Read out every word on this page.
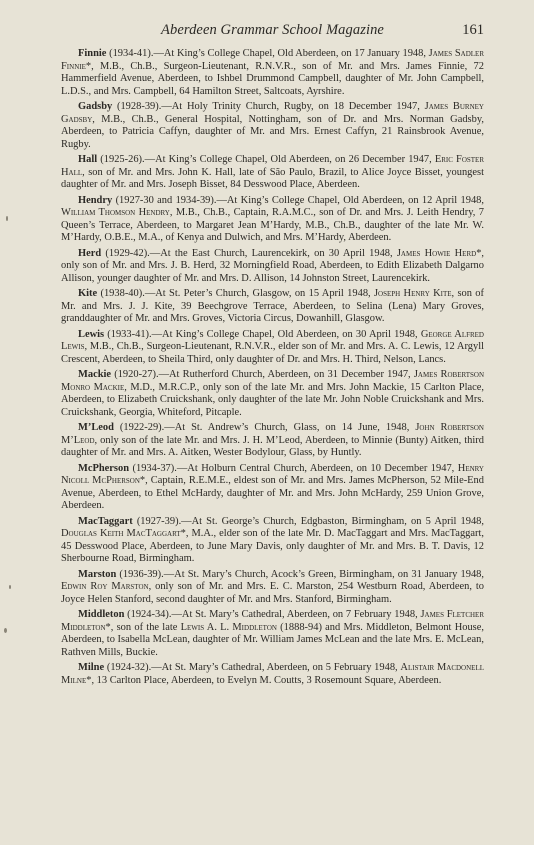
Aberdeen Grammar School Magazine	161

Finnie (1934-41).—At King’s College Chapel, Old Aberdeen, on 17 January 1948, James Sadler Finnie*, M.B., Ch.B., Surgeon-Lieutenant, R.N.V.R., son of Mr. and Mrs. James Finnie, 72 Hammerfield Avenue, Aberdeen, to Ishbel Drummond Campbell, daughter of Mr. John Campbell, L.D.S., and Mrs. Campbell, 64 Hamilton Street, Saltcoats, Ayrshire.

Gadsby (1928-39).—At Holy Trinity Church, Rugby, on 18 December 1947, James Burney Gadsby, M.B., Ch.B., General Hospital, Nottingham, son of Dr. and Mrs. Norman Gadsby, Aberdeen, to Patricia Caffyn, daughter of Mr. and Mrs. Ernest Caffyn, 21 Rainsbrook Avenue, Rugby.

Hall (1925-26).—At King’s College Chapel, Old Aberdeen, on 26 December 1947, Eric Foster Hall, son of Mr. and Mrs. John K. Hall, late of São Paulo, Brazil, to Alice Joyce Bisset, youngest daughter of Mr. and Mrs. Joseph Bisset, 84 Desswood Place, Aberdeen.

Hendry (1927-30 and 1934-39).—At King’s College Chapel, Old Aberdeen, on 12 April 1948, William Thomson Hendry, M.B., Ch.B., Captain, R.A.M.C., son of Dr. and Mrs. J. Leith Hendry, 7 Queen’s Terrace, Aberdeen, to Margaret Jean M’Hardy, M.B., Ch.B., daughter of the late Mr. W. M’Hardy, O.B.E., M.A., of Kenya and Dulwich, and Mrs. M’Hardy, Aberdeen.

Herd (1929-42).—At the East Church, Laurencekirk, on 30 April 1948, James Howie Herd*, only son of Mr. and Mrs. J. B. Herd, 32 Morningfield Road, Aberdeen, to Edith Elizabeth Dalgarno Allison, younger daughter of Mr. and Mrs. D. Allison, 14 Johnston Street, Laurencekirk.

Kite (1938-40).—At St. Peter’s Church, Glasgow, on 15 April 1948, Joseph Henry Kite, son of Mr. and Mrs. J. J. Kite, 39 Beechgrove Terrace, Aberdeen, to Selina (Lena) Mary Groves, granddaughter of Mr. and Mrs. Groves, Victoria Circus, Dowanhill, Glasgow.

Lewis (1933-41).—At King’s College Chapel, Old Aberdeen, on 30 April 1948, George Alfred Lewis, M.B., Ch.B., Surgeon-Lieutenant, R.N.V.R., elder son of Mr. and Mrs. A. C. Lewis, 12 Argyll Crescent, Aberdeen, to Sheila Third, only daughter of Dr. and Mrs. H. Third, Nelson, Lancs.

Mackie (1920-27).—At Rutherford Church, Aberdeen, on 31 December 1947, James Robertson Monro Mackie, M.D., M.R.C.P., only son of the late Mr. and Mrs. John Mackie, 15 Carlton Place, Aberdeen, to Elizabeth Cruickshank, only daughter of the late Mr. John Noble Cruickshank and Mrs. Cruickshank, Georgia, Whiteford, Pitcaple.

M’Leod (1922-29).—At St. Andrew’s Church, Glass, on 14 June, 1948, John Robertson M’Leod, only son of the late Mr. and Mrs. J. H. M’Leod, Aberdeen, to Minnie (Bunty) Aitken, third daughter of Mr. and Mrs. A. Aitken, Wester Bodylour, Glass, by Huntly.

McPherson (1934-37).—At Holburn Central Church, Aberdeen, on 10 December 1947, Henry Nicoll McPherson*, Captain, R.E.M.E., eldest son of Mr. and Mrs. James McPherson, 52 Mile-End Avenue, Aberdeen, to Ethel McHardy, daughter of Mr. and Mrs. John McHardy, 259 Union Grove, Aberdeen.

MacTaggart (1927-39).—At St. George’s Church, Edgbaston, Birmingham, on 5 April 1948, Douglas Keith MacTaggart*, M.A., elder son of the late Mr. D. MacTaggart and Mrs. MacTaggart, 45 Desswood Place, Aberdeen, to June Mary Davis, only daughter of Mr. and Mrs. B. T. Davis, 12 Sherbourne Road, Birmingham.

Marston (1936-39).—At St. Mary’s Church, Acock’s Green, Birmingham, on 31 January 1948, Edwin Roy Marston, only son of Mr. and Mrs. E. C. Marston, 254 Westburn Road, Aberdeen, to Joyce Helen Stanford, second daughter of Mr. and Mrs. Stanford, Birmingham.

Middleton (1924-34).—At St. Mary’s Cathedral, Aberdeen, on 7 February 1948, James Fletcher Middleton*, son of the late Lewis A. L. Middleton (1888-94) and Mrs. Middleton, Belmont House, Aberdeen, to Isabella McLean, daughter of Mr. William James McLean and the late Mrs. E. McLean, Rathven Mills, Buckie.

Milne (1924-32).—At St. Mary’s Cathedral, Aberdeen, on 5 February 1948, Alistair Macdonell Milne*, 13 Carlton Place, Aberdeen, to Evelyn M. Coutts, 3 Rosemount Square, Aberdeen.
